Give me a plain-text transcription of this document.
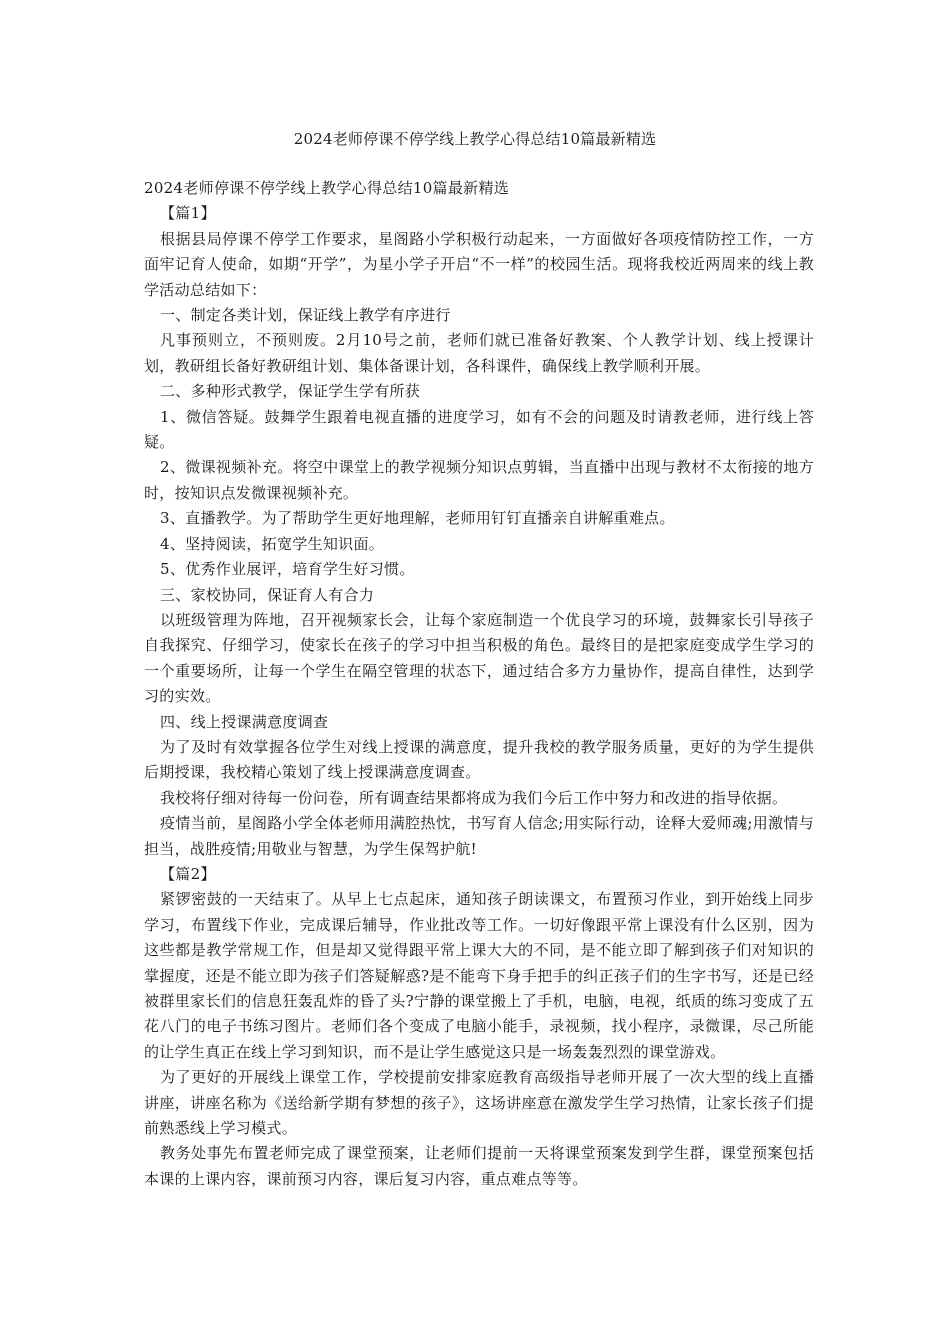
2024老师停课不停学线上教学心得总结10篇最新精选

2024老师停课不停学线上教学心得总结10篇最新精选

【篇1】

根据县局停课不停学工作要求，星阁路小学积极行动起来，一方面做好各项疫情防控工作，一方面牢记育人使命，如期“开学”，为星小学子开启“不一样”的校园生活。现将我校近两周来的线上教学活动总结如下：

一、制定各类计划，保证线上教学有序进行

凡事预则立，不预则废。2月10号之前，老师们就已准备好教案、个人教学计划、线上授课计划，教研组长备好教研组计划、集体备课计划，各科课件，确保线上教学顺利开展。

二、多种形式教学，保证学生学有所获

1、微信答疑。鼓舞学生跟着电视直播的进度学习，如有不会的问题及时请教老师，进行线上答疑。

2、微课视频补充。将空中课堂上的教学视频分知识点剪辑，当直播中出现与教材不太衔接的地方时，按知识点发微课视频补充。

3、直播教学。为了帮助学生更好地理解，老师用钉钉直播亲自讲解重难点。

4、坚持阅读，拓宽学生知识面。

5、优秀作业展评，培育学生好习惯。

三、家校协同，保证育人有合力

以班级管理为阵地，召开视频家长会，让每个家庭制造一个优良学习的环境，鼓舞家长引导孩子自我探究、仔细学习，使家长在孩子的学习中担当积极的角色。最终目的是把家庭变成学生学习的一个重要场所，让每一个学生在隔空管理的状态下，通过结合多方力量协作，提高自律性，达到学习的实效。

四、线上授课满意度调查

为了及时有效掌握各位学生对线上授课的满意度，提升我校的教学服务质量，更好的为学生提供后期授课，我校精心策划了线上授课满意度调查。

我校将仔细对待每一份问卷，所有调查结果都将成为我们今后工作中努力和改进的指导依据。

疫情当前，星阁路小学全体老师用满腔热忱，书写育人信念;用实际行动，诠释大爱师魂;用激情与担当，战胜疫情;用敬业与智慧，为学生保驾护航!

【篇2】

紧锣密鼓的一天结束了。从早上七点起床，通知孩子朗读课文，布置预习作业，到开始线上同步学习，布置线下作业，完成课后辅导，作业批改等工作。一切好像跟平常上课没有什么区别，因为这些都是教学常规工作，但是却又觉得跟平常上课大大的不同，是不能立即了解到孩子们对知识的掌握度，还是不能立即为孩子们答疑解惑?是不能弯下身手把手的纠正孩子们的生字书写，还是已经被群里家长们的信息狂轰乱炸的昏了头?宁静的课堂搬上了手机，电脑，电视，纸质的练习变成了五花八门的电子书练习图片。老师们各个变成了电脑小能手，录视频，找小程序，录微课，尽己所能的让学生真正在线上学习到知识，而不是让学生感觉这只是一场轰轰烈烈的课堂游戏。

为了更好的开展线上课堂工作，学校提前安排家庭教育高级指导老师开展了一次大型的线上直播讲座，讲座名称为《送给新学期有梦想的孩子》，这场讲座意在激发学生学习热情，让家长孩子们提前熟悉线上学习模式。

教务处事先布置老师完成了课堂预案，让老师们提前一天将课堂预案发到学生群，课堂预案包括本课的上课内容，课前预习内容，课后复习内容，重点难点等等。
